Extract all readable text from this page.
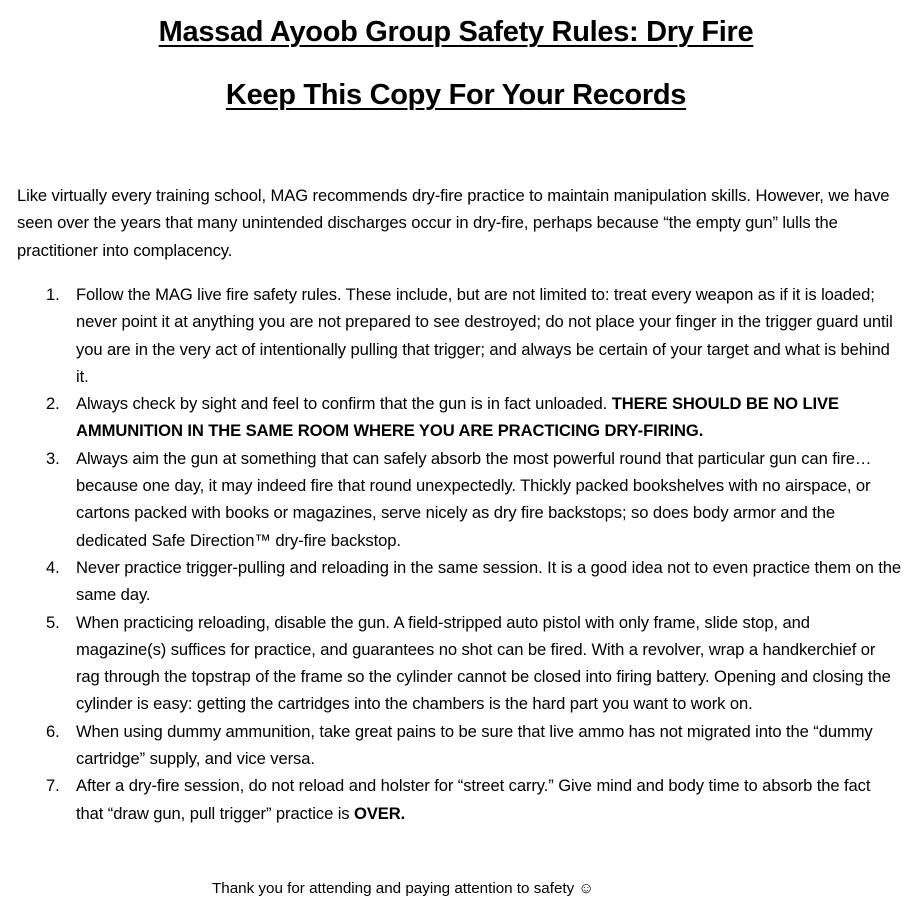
Massad Ayoob Group Safety Rules: Dry Fire
Keep This Copy For Your Records

Like virtually every training school, MAG recommends dry-fire practice to maintain manipulation skills. However, we have seen over the years that many unintended discharges occur in dry-fire, perhaps because “the empty gun” lulls the practitioner into complacency.

1. Follow the MAG live fire safety rules. These include, but are not limited to: treat every weapon as if it is loaded; never point it at anything you are not prepared to see destroyed; do not place your finger in the trigger guard until you are in the very act of intentionally pulling that trigger; and always be certain of your target and what is behind it.
2. Always check by sight and feel to confirm that the gun is in fact unloaded. THERE SHOULD BE NO LIVE AMMUNITION IN THE SAME ROOM WHERE YOU ARE PRACTICING DRY-FIRING.
3. Always aim the gun at something that can safely absorb the most powerful round that particular gun can fire…because one day, it may indeed fire that round unexpectedly. Thickly packed bookshelves with no airspace, or cartons packed with books or magazines, serve nicely as dry fire backstops; so does body armor and the dedicated Safe Direction™ dry-fire backstop.
4. Never practice trigger-pulling and reloading in the same session. It is a good idea not to even practice them on the same day.
5. When practicing reloading, disable the gun. A field-stripped auto pistol with only frame, slide stop, and magazine(s) suffices for practice, and guarantees no shot can be fired. With a revolver, wrap a handkerchief or rag through the topstrap of the frame so the cylinder cannot be closed into firing battery. Opening and closing the cylinder is easy: getting the cartridges into the chambers is the hard part you want to work on.
6. When using dummy ammunition, take great pains to be sure that live ammo has not migrated into the “dummy cartridge” supply, and vice versa.
7. After a dry-fire session, do not reload and holster for “street carry.” Give mind and body time to absorb the fact that “draw gun, pull trigger” practice is OVER.

Thank you for attending and paying attention to safety ☺
